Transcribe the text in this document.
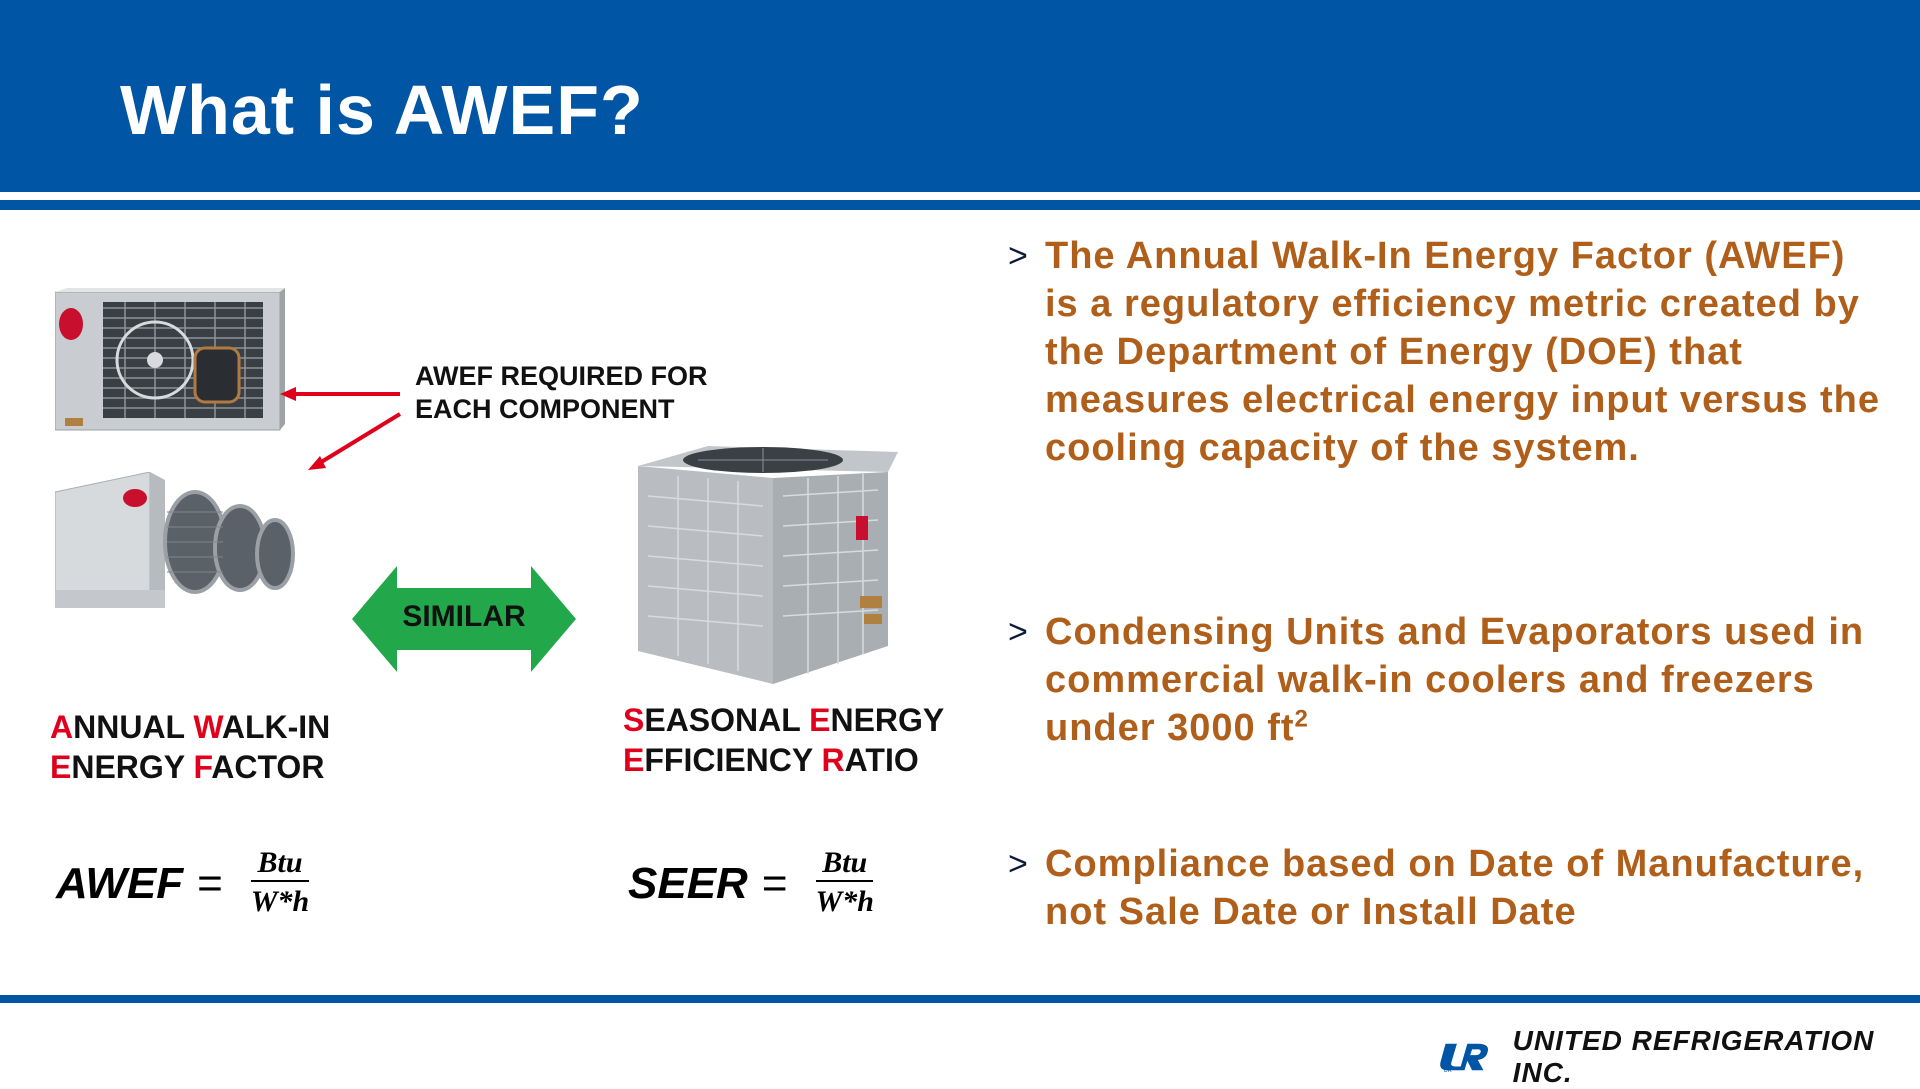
What is AWEF?
AWEF REQUIRED FOR
EACH COMPONENT
SIMILAR
ANNUAL WALK-IN
ENERGY FACTOR
SEASONAL ENERGY
EFFICIENCY RATIO
AWEF = $\frac{\text{Btu}}{W*h}$	SEER = $\frac{\text{Btu}}{W*h}$
> The Annual Walk-In Energy Factor (AWEF) is a regulatory efficiency metric created by the Department of Energy (DOE) that measures electrical energy input versus the cooling capacity of the system.
> Condensing Units and Evaporators used in commercial walk-in coolers and freezers under 3000 $ft^2$
> Compliance based on Date of Manufacture, not Sale Date or Install Date
UR
UNITED REFRIGERATION INC.
